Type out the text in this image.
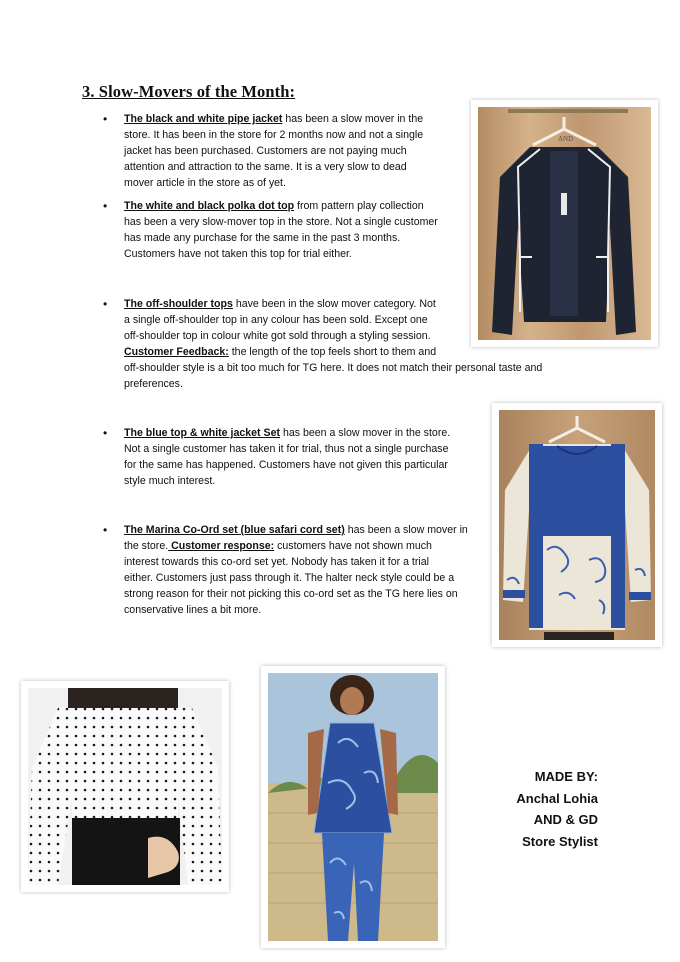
3. Slow-Movers of the Month:
• The black and white pipe jacket has been a slow mover in the

store. It has been in the store for 2 months now and not a single

jacket has been purchased. Customers are not paying much

attention and attraction to the same. It is a very slow to dead

mover article in the store as of yet.

• The white and black polka dot top from pattern play collection

has been a very slow-mover top in the store. Not a single customer

has made any purchase for the same in the past 3 months.

Customers have not taken this top for trial either.

• The off-shoulder tops have been in the slow mover category. Not

a single off-shoulder top in any colour has been sold. Except one

off-shoulder top in colour white got sold through a styling session.

Customer Feedback: the length of the top feels short to them and

off-shoulder style is a bit too much for TG here. It does not match their personal taste and

preferences.

• The blue top & white jacket Set has been a slow mover in the store.

Not a single customer has taken it for trial, thus not a single purchase

for the same has happened. Customers have not given this particular

style much interest.

• The Marina Co-Ord set (blue safari cord set) has been a slow mover in

the store. Customer response: customers have not shown much

interest towards this co-ord set yet. Nobody has taken it for a trial

either. Customers just pass through it. The halter neck style could be a

strong reason for their not picking this co-ord set as the TG here lies on

conservative lines a bit more.

AND
MADE BY:
Anchal Lohia
AND & GD
Store Stylist
